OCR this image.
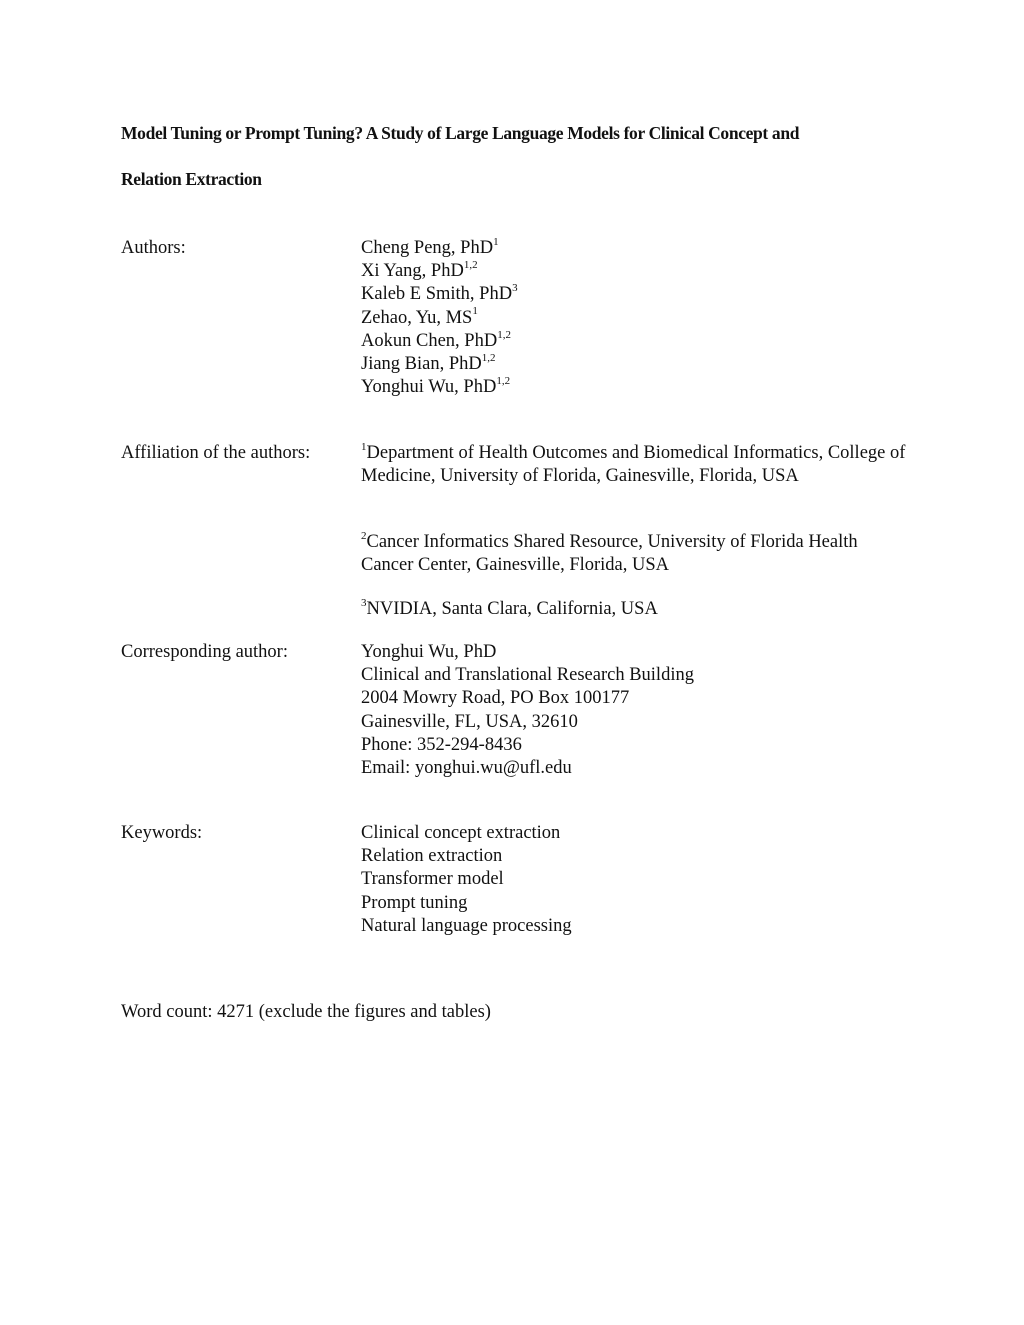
Model Tuning or Prompt Tuning? A Study of Large Language Models for Clinical Concept and

Relation Extraction

Authors:	Cheng Peng, PhD$^1$
Xi Yang, PhD$^{1,2}$
Kaleb E Smith, PhD$^3$
Zehao, Yu, $MS^1$
Aokun Chen, PhD$^{1,2}$
Jiang Bian, PhD$^{1,2}$
Yonghui Wu, PhD$^{1,2}$

Affiliation of the authors:	$^1$Department of Health Outcomes and Biomedical Informatics, College of Medicine, University of Florida, Gainesville, Florida, USA

$^2$Cancer Informatics Shared Resource, University of Florida Health Cancer Center, Gainesville, Florida, USA

$^3$NVIDIA, Santa Clara, California, USA

Corresponding author:	Yonghui Wu, PhD
Clinical and Translational Research Building
2004 Mowry Road, PO Box 100177
Gainesville, FL, USA, 32610
Phone: 352-294-8436
Email: yonghui.wu@ufl.edu

Keywords:	Clinical concept extraction
Relation extraction
Transformer model
Prompt tuning
Natural language processing

Word count: 4271 (exclude the figures and tables)
